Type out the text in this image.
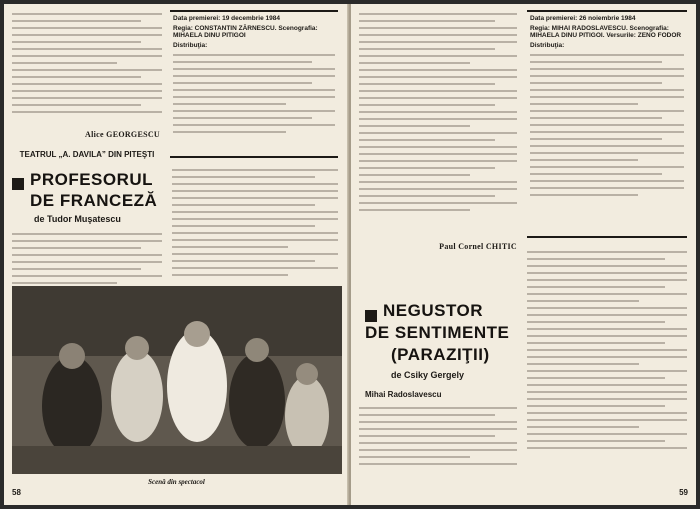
Alice GEORGESCU
TEATRUL „A. DAVILA” DIN PITEŞTI
Data premierei: 19 decembrie 1984
Regia: CONSTANTIN ZĂRNESCU. Scenografia: MIHAELA DINU PITIGOI
Distribuţia:
PROFESORUL
DE FRANCEZĂ
de Tudor Muşatescu
Scenă din spectacol
58
Paul Cornel CHITIC
Data premierei: 26 noiembrie 1984
Regia: MIHAI RADOSLAVESCU. Scenografia: MIHAELA DINU PITIGOI. Versurile: ZENO FODOR
Distribuţia:
NEGUSTOR
DE SENTIMENTE
(PARAZIŢII)
de Csiky Gergely
Mihai Radoslavescu
59
